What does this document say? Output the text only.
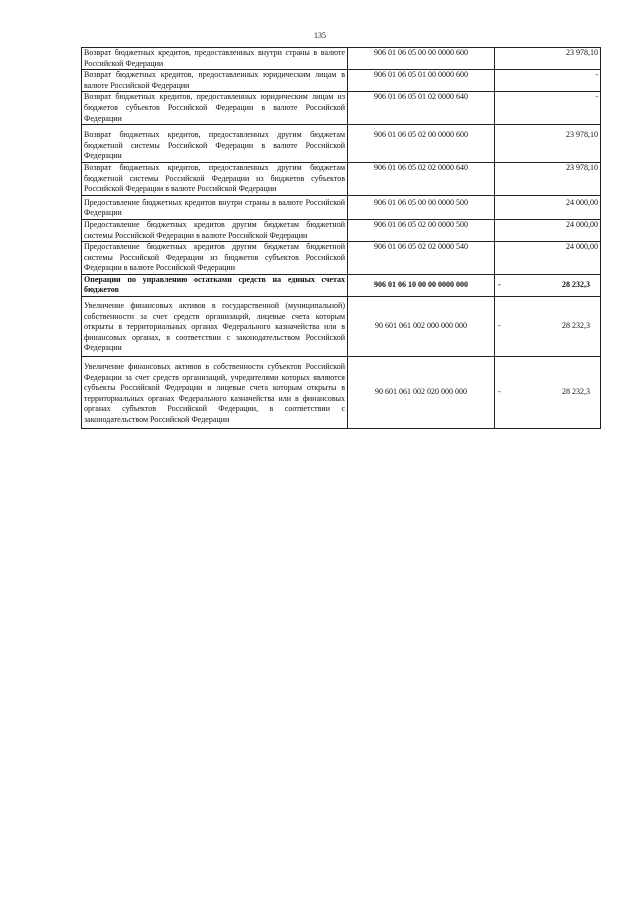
135
Возврат бюджетных кредитов, предоставленных внутри страны в валюте Российской Федерации	906 01 06 05 00 00 0000 600	23 978,10
Возврат бюджетных кредитов, предоставленных юридическим лицам в валюте Российской Федерации	906 01 06 05 01 00 0000 600	-
Возврат бюджетных кредитов, предоставленных юридическим лицам из бюджетов субъектов Российской Федерации в валюте Российской Федерации	906 01 06 05 01 02 0000 640	-
Возврат бюджетных кредитов, предоставленных другим бюджетам бюджетной системы Российской Федерации в валюте Российской Федерации	906 01 06 05 02 00 0000 600	23 978,10
Возврат бюджетных кредитов, предоставленных другим бюджетам бюджетной системы Российской Федерации из бюджетов субъектов Российской Федерации в валюте Российской Федерации	906 01 06 05 02 02 0000 640	23 978,10
Предоставление бюджетных кредитов внутри страны в валюте Российской Федерации	906 01 06 05 00 00 0000 500	24 000,00
Предоставление бюджетных кредитов другим бюджетам бюджетной системы Российской Федерации в валюте Российской Федерации	906 01 06 05 02 00 0000 500	24 000,00
Предоставление бюджетных кредитов другим бюджетам бюджетной системы Российской Федерации из бюджетов субъектов Российской Федерации в валюте Российской Федерации	906 01 06 05 02 02 0000 540	24 000,00
Операции по управлению остатками средств на единых счетах бюджетов	906 01 06 10 00 00 0000 000	- 28 232,3

Увеличение финансовых активов в государственной (муниципальной) собственности за счет средств организаций, лицевые счета которым открыты в территориальных органах Федерального казначейства или в финансовых органах, в соответствии с законодательством Российской Федерации	90 601 061 002 000 000 000	- 28 232,3

Увеличение финансовых активов в собственности субъектов Российской Федерации за счет средств организаций, учредителями которых являются субъекты Российской Федерации и лицевые счета которым открыты в территориальных органах Федерального казначейства или в финансовых органах субъектов Российской Федерации, в соответствии с законодательством Российской Федерации	90 601 061 002 020 000 000	- 28 232,3
